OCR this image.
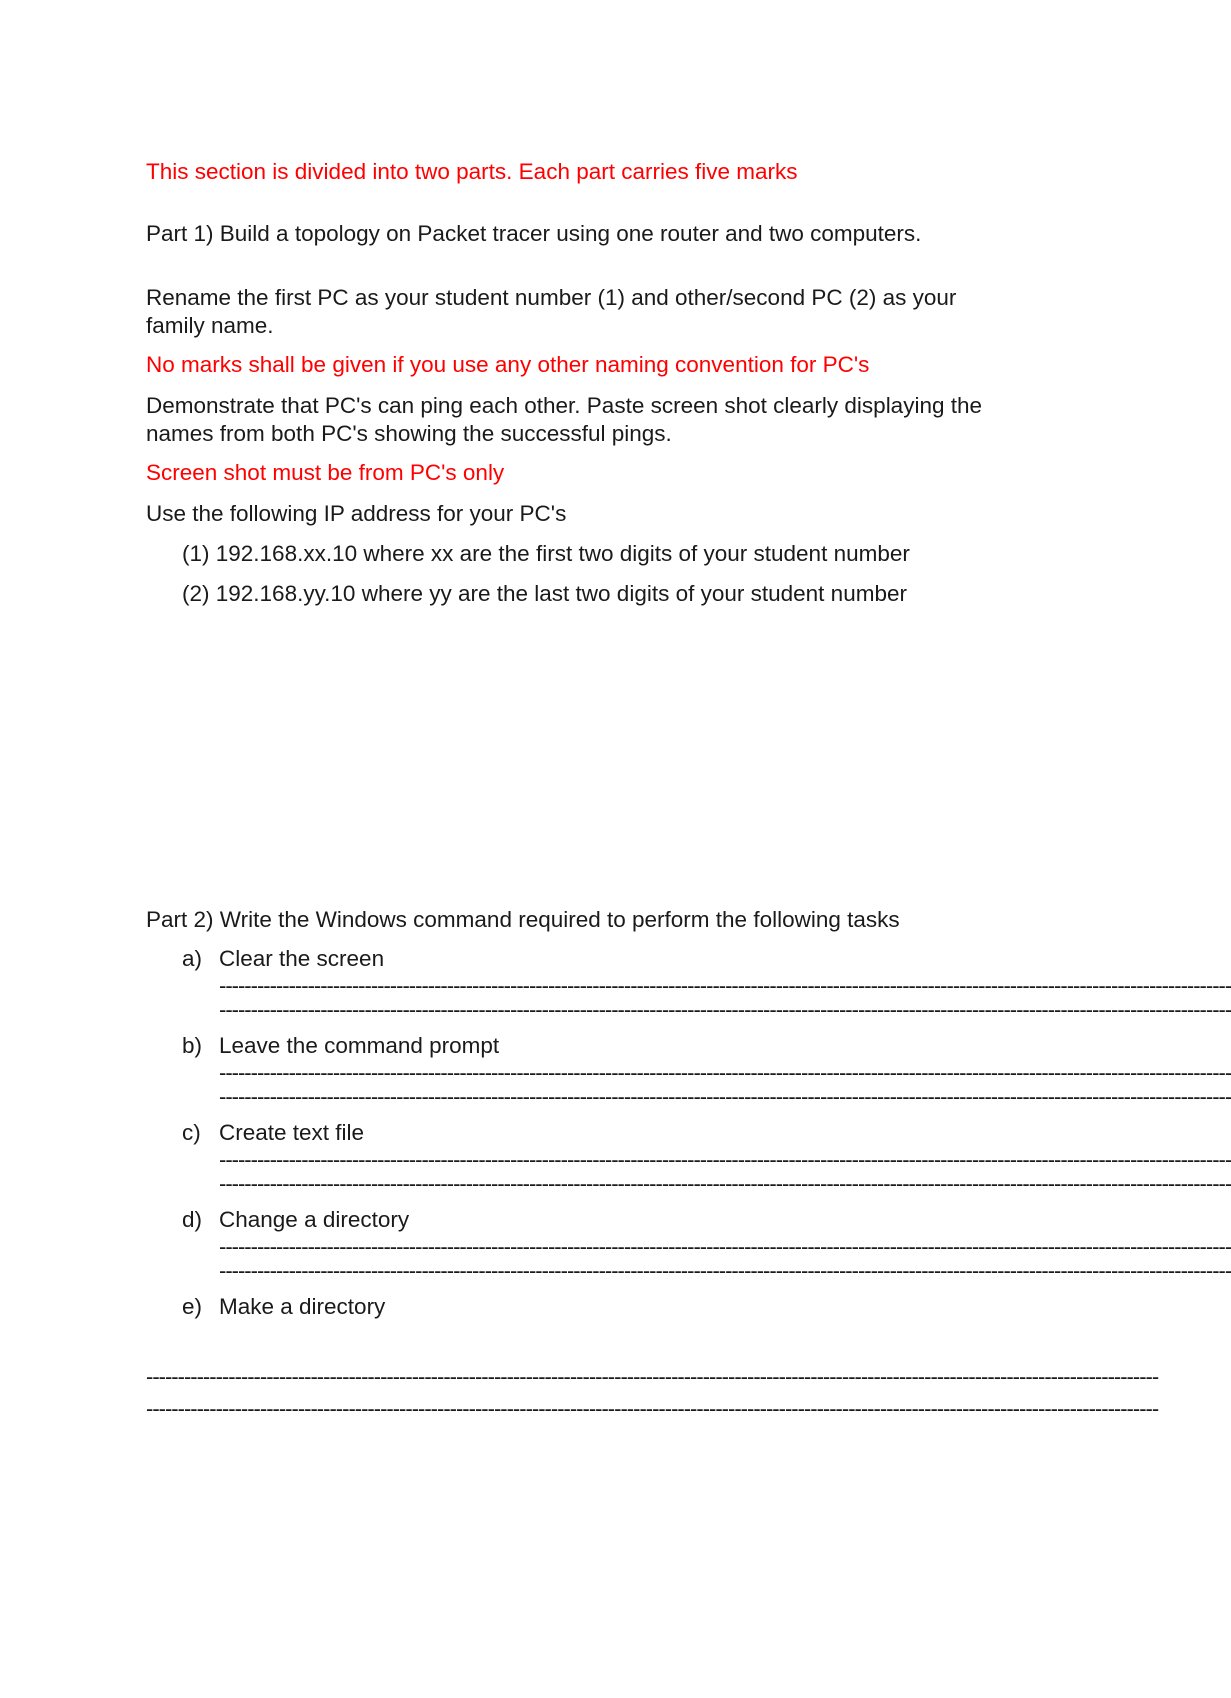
This section is divided into two parts. Each part carries five marks

Part 1) Build a topology on Packet tracer using one router and two computers.

Rename the first PC as your student number (1) and other/second PC (2) as your

family name.

No marks shall be given if you use any other naming convention for PC's

Demonstrate that PC's can ping each other. Paste screen shot clearly displaying the

names from both PC's showing the successful pings.

Screen shot must be from PC's only

Use the following IP address for your PC's

(1) 192.168.xx.10 where xx are the first two digits of your student number

(2) 192.168.yy.10 where yy are the last two digits of your student number

Part 2) Write the Windows command required to perform the following tasks

a) Clear the screen
----------------------------------------------------------------------------------------------------------------------------------------------------------------
----------------------------------------------------------------------------------------------------------------------------------------------------------------
b) Leave the command prompt
----------------------------------------------------------------------------------------------------------------------------------------------------------------
----------------------------------------------------------------------------------------------------------------------------------------------------------------
c) Create text file
----------------------------------------------------------------------------------------------------------------------------------------------------------------
----------------------------------------------------------------------------------------------------------------------------------------------------------------
d) Change a directory
----------------------------------------------------------------------------------------------------------------------------------------------------------------
----------------------------------------------------------------------------------------------------------------------------------------------------------------
e) Make a directory
----------------------------------------------------------------------------------------------------------------------------------------------------------------
----------------------------------------------------------------------------------------------------------------------------------------------------------------
